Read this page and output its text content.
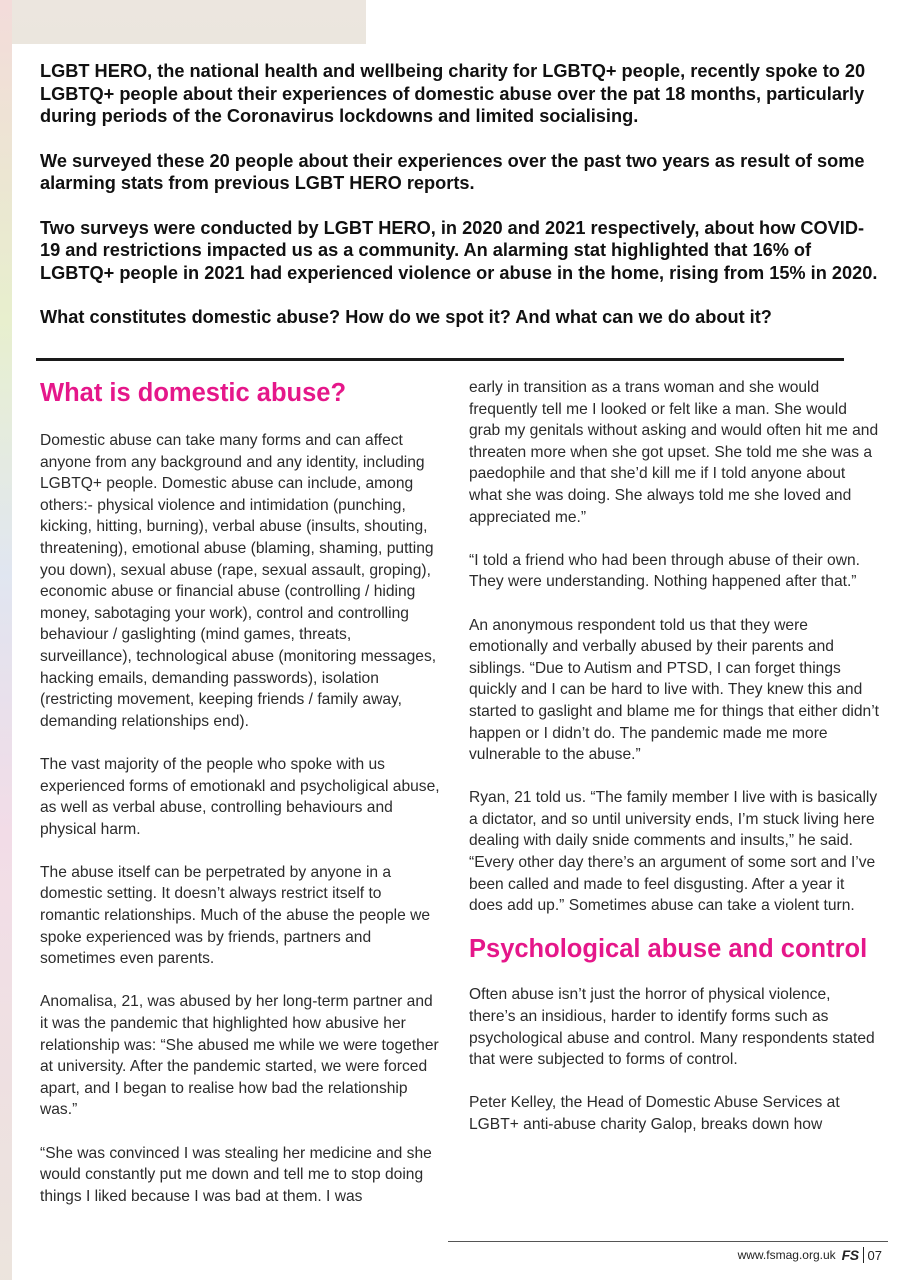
LGBT HERO, the national health and wellbeing charity for LGBTQ+ people, recently spoke to 20 LGBTQ+ people about their experiences of domestic abuse over the pat 18 months, particularly during periods of the Coronavirus lockdowns and limited socialising.

We surveyed these 20 people about their experiences over the past two years as result of some alarming stats from previous LGBT HERO reports.

Two surveys were conducted by LGBT HERO, in 2020 and 2021 respectively, about how COVID-19 and restrictions impacted us as a community. An alarming stat highlighted that 16% of LGBTQ+ people in 2021 had experienced violence or abuse in the home, rising from 15% in 2020.

What constitutes domestic abuse? How do we spot it? And what can we do about it?

What is domestic abuse?

Domestic abuse can take many forms and can affect anyone from any background and any identity, including LGBTQ+ people. Domestic abuse can include, among others:- physical violence and intimidation (punching, kicking, hitting, burning), verbal abuse (insults, shouting, threatening), emotional abuse (blaming, shaming, putting you down), sexual abuse (rape, sexual assault, groping), economic abuse or financial abuse (controlling / hiding money, sabotaging your work), control and controlling behaviour / gaslighting (mind games, threats, surveillance), technological abuse (monitoring messages, hacking emails, demanding passwords), isolation (restricting movement, keeping friends / family away, demanding relationships end).

The vast majority of the people who spoke with us experienced forms of emotionakl and psycholigical abuse, as well as verbal abuse, controlling behaviours and physical harm.

The abuse itself can be perpetrated by anyone in a domestic setting. It doesn’t always restrict itself to romantic relationships. Much of the abuse the people we spoke experienced was by friends, partners and sometimes even parents.

Anomalisa, 21, was abused by her long-term partner and it was the pandemic that highlighted how abusive her relationship was: “She abused me while we were together at university. After the pandemic started, we were forced apart, and I began to realise how bad the relationship was.”

“She was convinced I was stealing her medicine and she would constantly put me down and tell me to stop doing things I liked because I was bad at them. I was

early in transition as a trans woman and she would frequently tell me I looked or felt like a man. She would grab my genitals without asking and would often hit me and threaten more when she got upset. She told me she was a paedophile and that she’d kill me if I told anyone about what she was doing. She always told me she loved and appreciated me.”

“I told a friend who had been through abuse of their own. They were understanding. Nothing happened after that.”

An anonymous respondent told us that they were emotionally and verbally abused by their parents and siblings. “Due to Autism and PTSD, I can forget things quickly and I can be hard to live with. They knew this and started to gaslight and blame me for things that either didn’t happen or I didn’t do. The pandemic made me more vulnerable to the abuse.”

Ryan, 21 told us. “The family member I live with is basically a dictator, and so until university ends, I’m stuck living here dealing with daily snide comments and insults,” he said. “Every other day there’s an argument of some sort and I’ve been called and made to feel disgusting. After a year it does add up.” Sometimes abuse can take a violent turn.

Psychological abuse and control

Often abuse isn’t just the horror of physical violence, there’s an insidious, harder to identify forms such as psychological abuse and control. Many respondents stated that were subjected to forms of control.

Peter Kelley, the Head of Domestic Abuse Services at LGBT+ anti-abuse charity Galop, breaks down how

www.fsmag.org.uk FS 07
